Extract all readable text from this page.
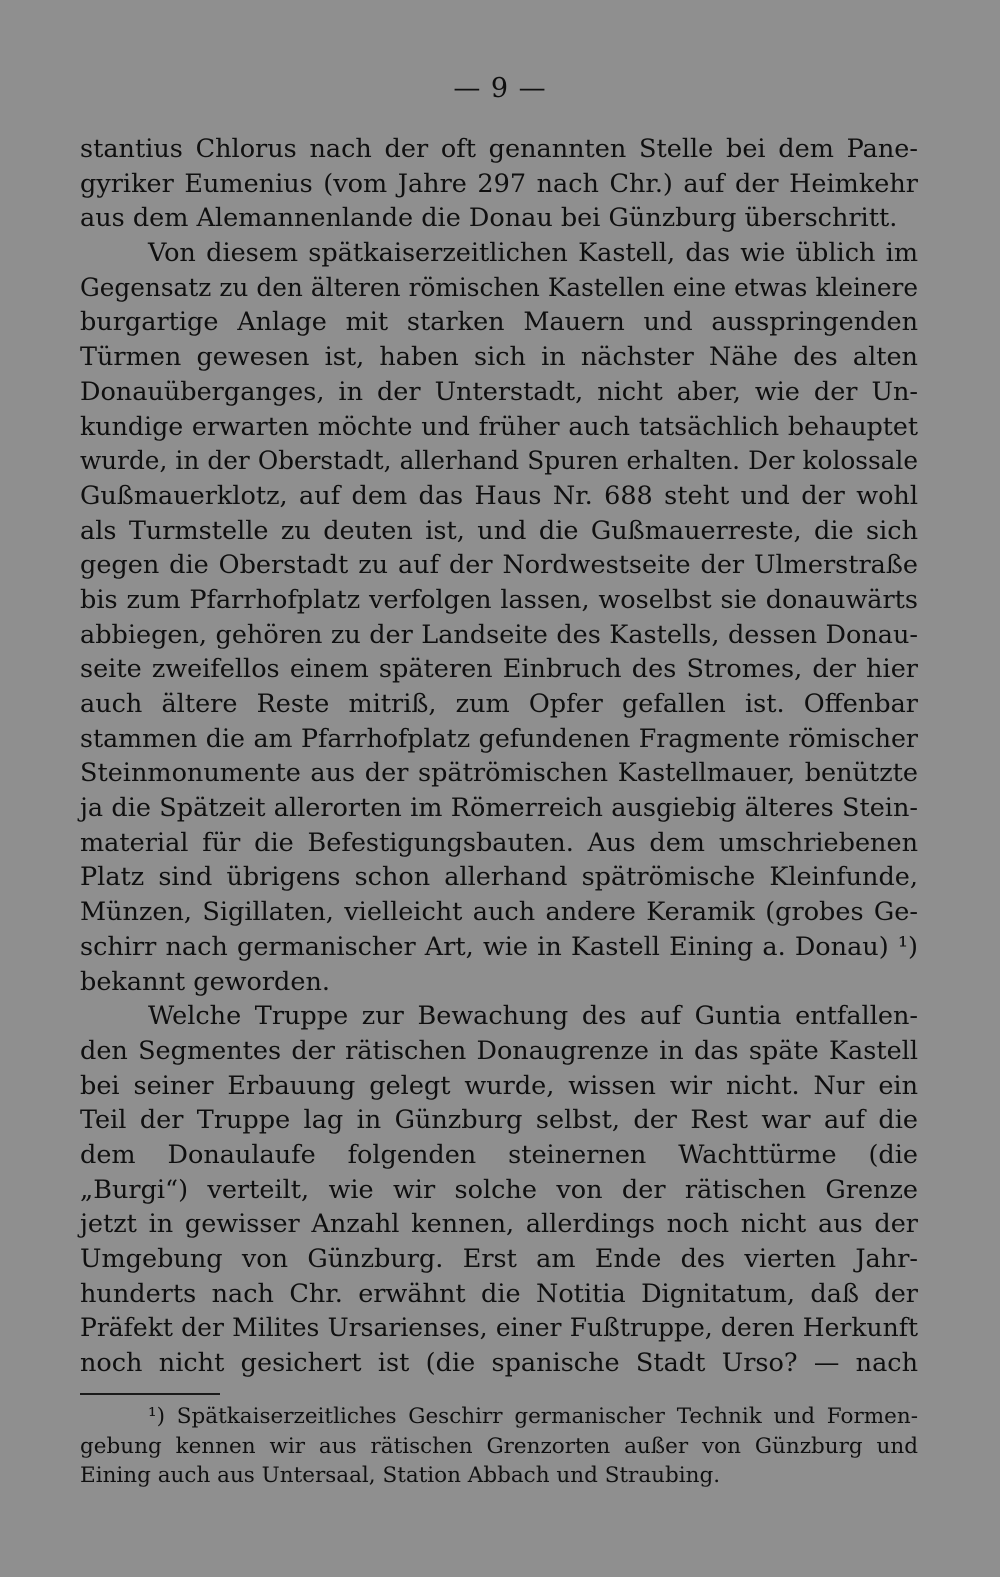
— 9 —
stantius Chlorus nach der oft genannten Stelle bei dem Pane-
gyriker Eumenius (vom Jahre 297 nach Chr.) auf der Heimkehr
aus dem Alemannenlande die Donau bei Günzburg überschritt.
Von diesem spätkaiserzeitlichen Kastell, das wie üblich im
Gegensatz zu den älteren römischen Kastellen eine etwas kleinere
burgartige Anlage mit starken Mauern und ausspringenden
Türmen gewesen ist, haben sich in nächster Nähe des alten
Donauüberganges, in der Unterstadt, nicht aber, wie der Un-
kundige erwarten möchte und früher auch tatsächlich behauptet
wurde, in der Oberstadt, allerhand Spuren erhalten. Der kolossale
Gußmauerklotz, auf dem das Haus Nr. 688 steht und der wohl
als Turmstelle zu deuten ist, und die Gußmauerreste, die sich
gegen die Oberstadt zu auf der Nordwestseite der Ulmerstraße
bis zum Pfarrhofplatz verfolgen lassen, woselbst sie donauwärts
abbiegen, gehören zu der Landseite des Kastells, dessen Donau-
seite zweifellos einem späteren Einbruch des Stromes, der hier
auch ältere Reste mitriß, zum Opfer gefallen ist. Offenbar
stammen die am Pfarrhofplatz gefundenen Fragmente römischer
Steinmonumente aus der spätrömischen Kastellmauer, benützte
ja die Spätzeit allerorten im Römerreich ausgiebig älteres Stein-
material für die Befestigungsbauten. Aus dem umschriebenen
Platz sind übrigens schon allerhand spätrömische Kleinfunde,
Münzen, Sigillaten, vielleicht auch andere Keramik (grobes Ge-
schirr nach germanischer Art, wie in Kastell Eining a. Donau) ¹)
bekannt geworden.
Welche Truppe zur Bewachung des auf Guntia entfallen-
den Segmentes der rätischen Donaugrenze in das späte Kastell
bei seiner Erbauung gelegt wurde, wissen wir nicht. Nur ein
Teil der Truppe lag in Günzburg selbst, der Rest war auf die
dem Donaulaufe folgenden steinernen Wachttürme (die
„Burgi“) verteilt, wie wir solche von der rätischen Grenze
jetzt in gewisser Anzahl kennen, allerdings noch nicht aus der
Umgebung von Günzburg. Erst am Ende des vierten Jahr-
hunderts nach Chr. erwähnt die Notitia Dignitatum, daß der
Präfekt der Milites Ursarienses, einer Fußtruppe, deren Herkunft
noch nicht gesichert ist (die spanische Stadt Urso? — nach
¹) Spätkaiserzeitliches Geschirr germanischer Technik und Formen-
gebung kennen wir aus rätischen Grenzorten außer von Günzburg und
Eining auch aus Untersaal, Station Abbach und Straubing.
